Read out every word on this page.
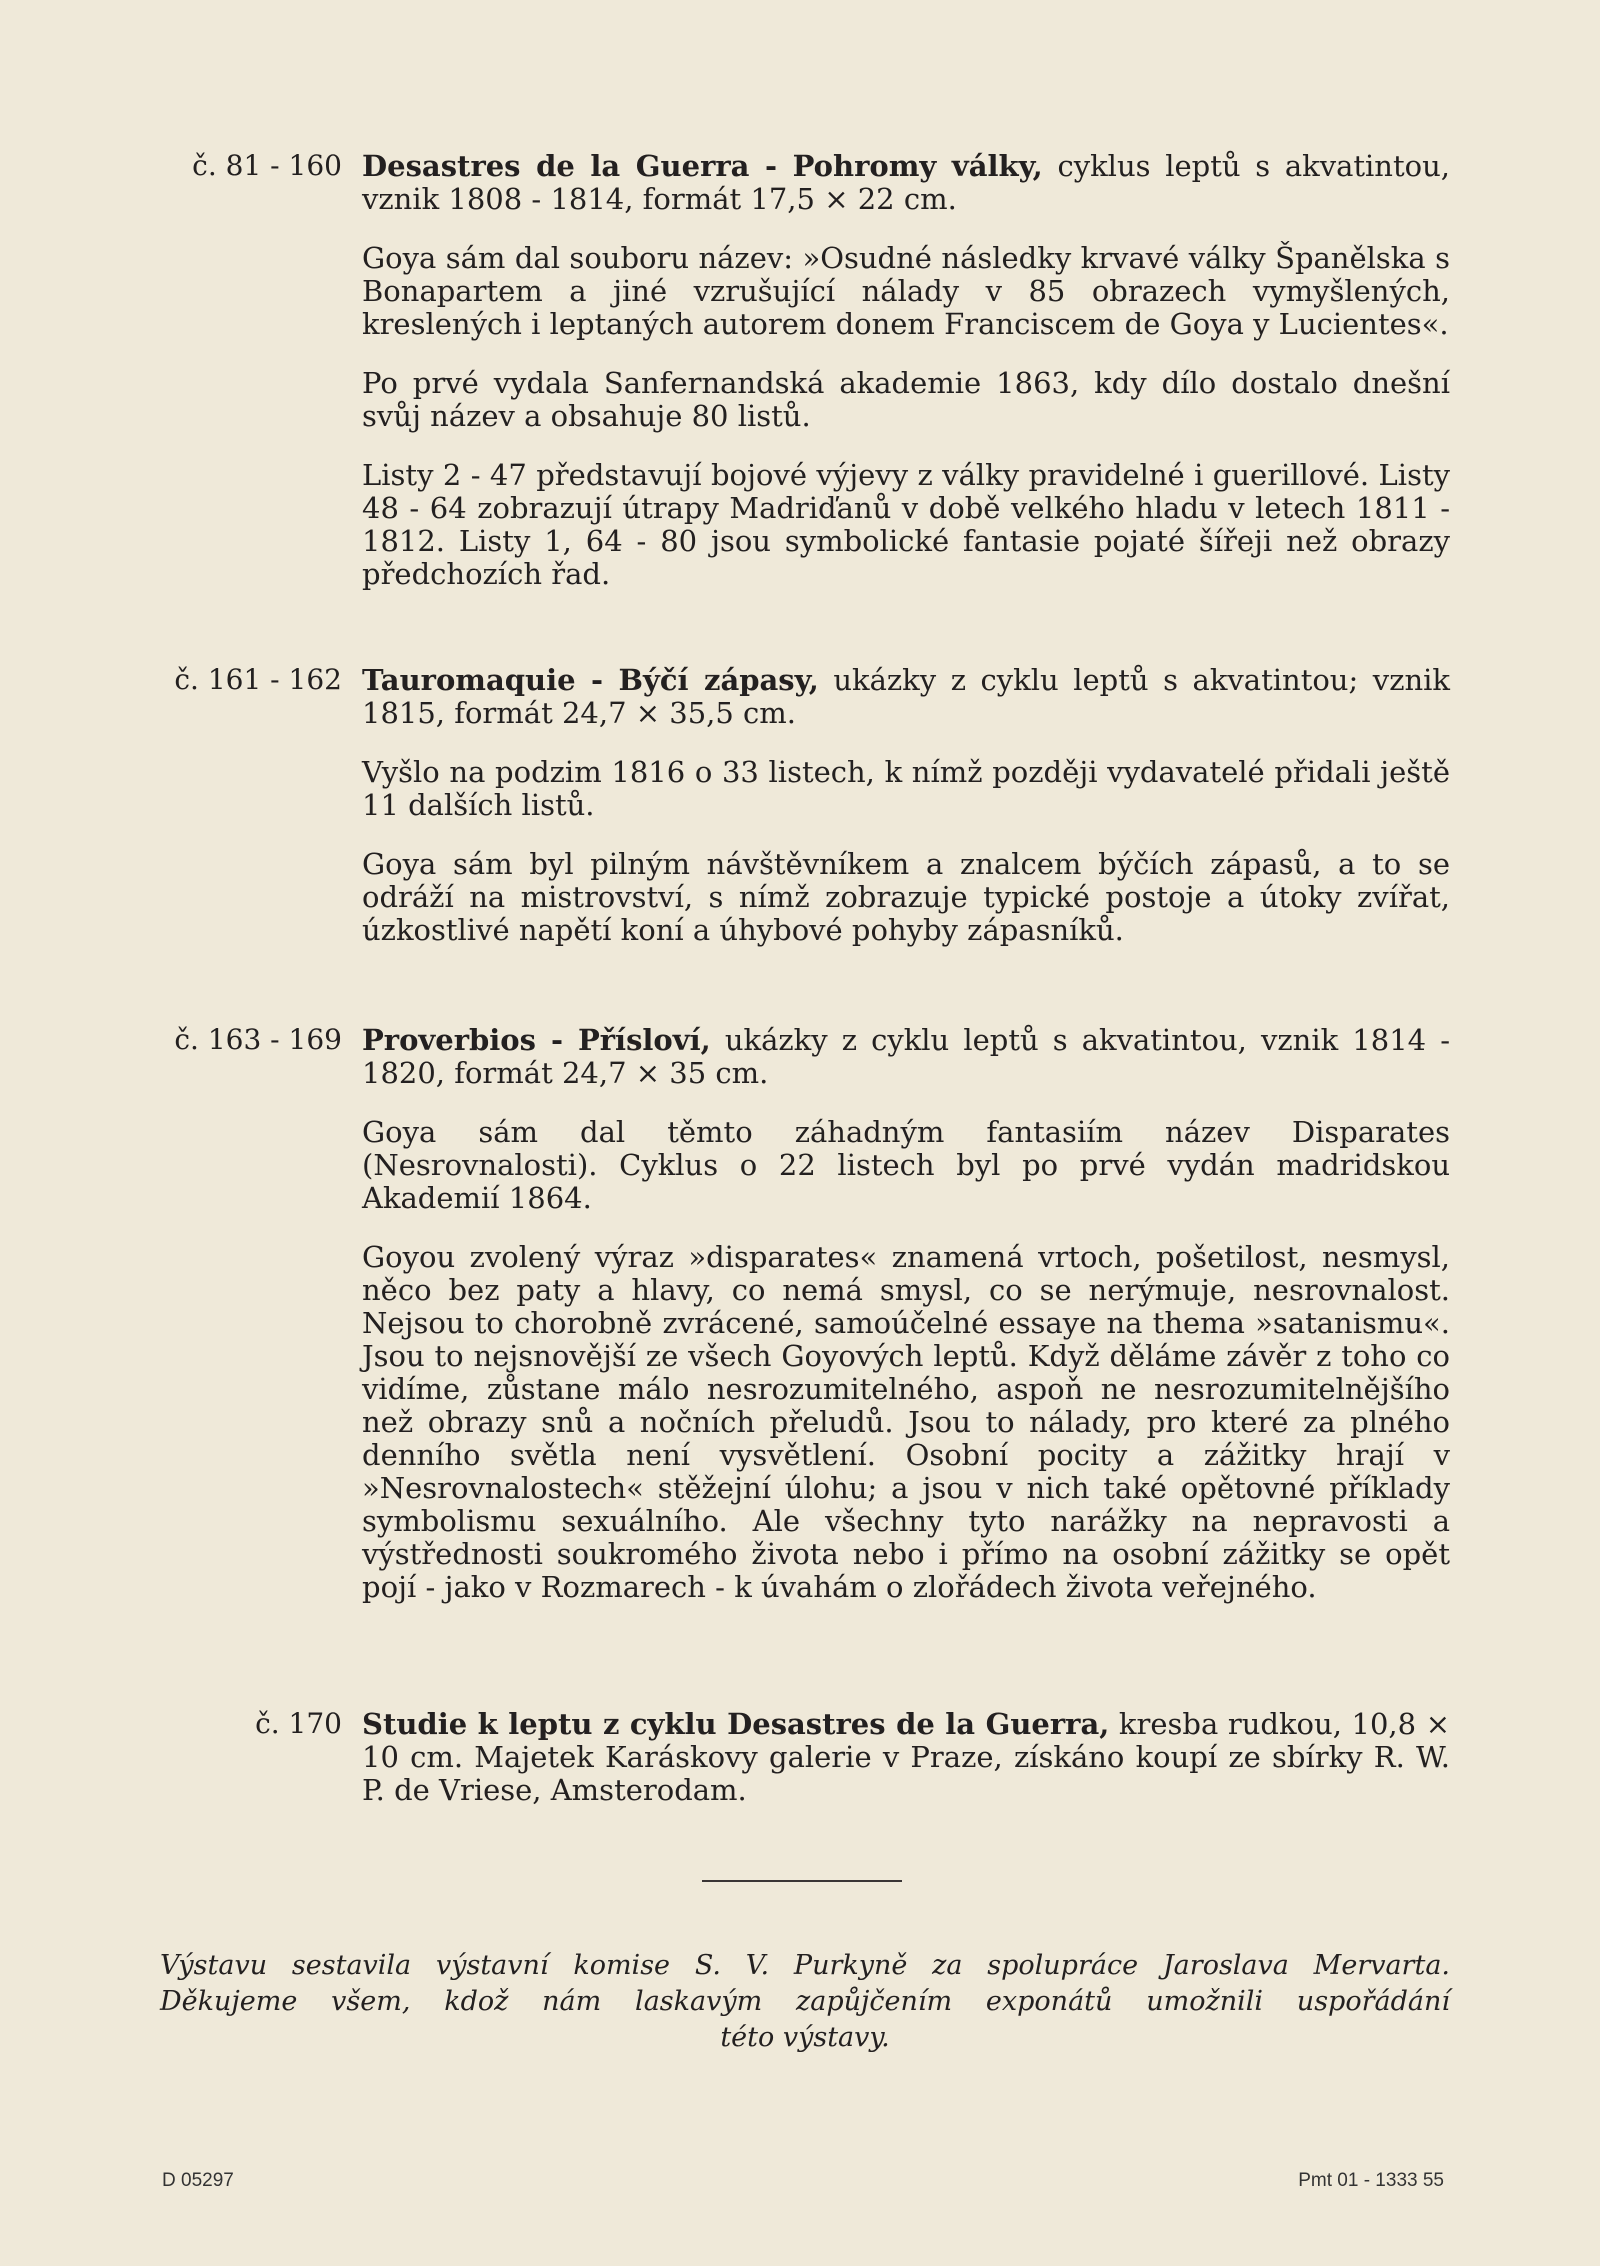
č. 81 - 160 Desastres de la Guerra - Pohromy války, cyklus leptů s akvatintou, vznik 1808 - 1814, formát 17,5 × 22 cm.

Goya sám dal souboru název: »Osudné následky krvavé války Španělska s Bonapartem a jiné vzrušující nálady v 85 obrazech vymyšlených, kreslených i leptaných autorem donem Franciscem de Goya y Lucientes«.

Po prvé vydala Sanfernandská akademie 1863, kdy dílo dostalo dnešní svůj název a obsahuje 80 listů.

Listy 2 - 47 představují bojové výjevy z války pravidelné i guerillové. Listy 48 - 64 zobrazují útrapy Madriďanů v době velkého hladu v letech 1811 - 1812. Listy 1, 64 - 80 jsou symbolické fantasie pojaté šířeji než obrazy předchozích řad.

č. 161 - 162 Tauromaquie - Býčí zápasy, ukázky z cyklu leptů s akvatintou; vznik 1815, formát 24,7 × 35,5 cm.

Vyšlo na podzim 1816 o 33 listech, k nímž později vydavatelé přidali ještě 11 dalších listů.

Goya sám byl pilným návštěvníkem a znalcem býčích zápasů, a to se odráží na mistrovství, s nímž zobrazuje typické postoje a útoky zvířat, úzkostlivé napětí koní a úhybové pohyby zápasníků.

č. 163 - 169 Proverbios - Přísloví, ukázky z cyklu leptů s akvatintou, vznik 1814 - 1820, formát 24,7 × 35 cm.

Goya sám dal těmto záhadným fantasiím název Disparates (Nesrovnalosti). Cyklus o 22 listech byl po prvé vydán madridskou Akademií 1864.

Goyou zvolený výraz »disparates« znamená vrtoch, pošetilost, nesmysl, něco bez paty a hlavy, co nemá smysl, co se nerýmuje, nesrovnalost. Nejsou to chorobně zvrácené, samoúčelné essaye na thema »satanismu«. Jsou to nejsnovější ze všech Goyových leptů. Když děláme závěr z toho co vidíme, zůstane málo nesrozumitelného, aspoň ne nesrozumitelnějšího než obrazy snů a nočních přeludů. Jsou to nálady, pro které za plného denního světla není vysvětlení. Osobní pocity a zážitky hrají v »Nesrovnalostech« stěžejní úlohu; a jsou v nich také opětovné příklady symbolismu sexuálního. Ale všechny tyto narážky na nepravosti a výstřednosti soukromého života nebo i přímo na osobní zážitky se opět pojí - jako v Rozmarech - k úvahám o zlořádech života veřejného.

č. 170 Studie k leptu z cyklu Desastres de la Guerra, kresba rudkou, 10,8 × 10 cm. Majetek Karáskovy galerie v Praze, získáno koupí ze sbírky R. W. P. de Vriese, Amsterodam.

Výstavu sestavila výstavní komise S. V. Purkyně za spolupráce Jaroslava Mervarta.
Děkujeme všem, kdož nám laskavým zapůjčením exponátů umožnili uspořádání
této výstavy.
D 05297	Pmt 01 - 1333 55
